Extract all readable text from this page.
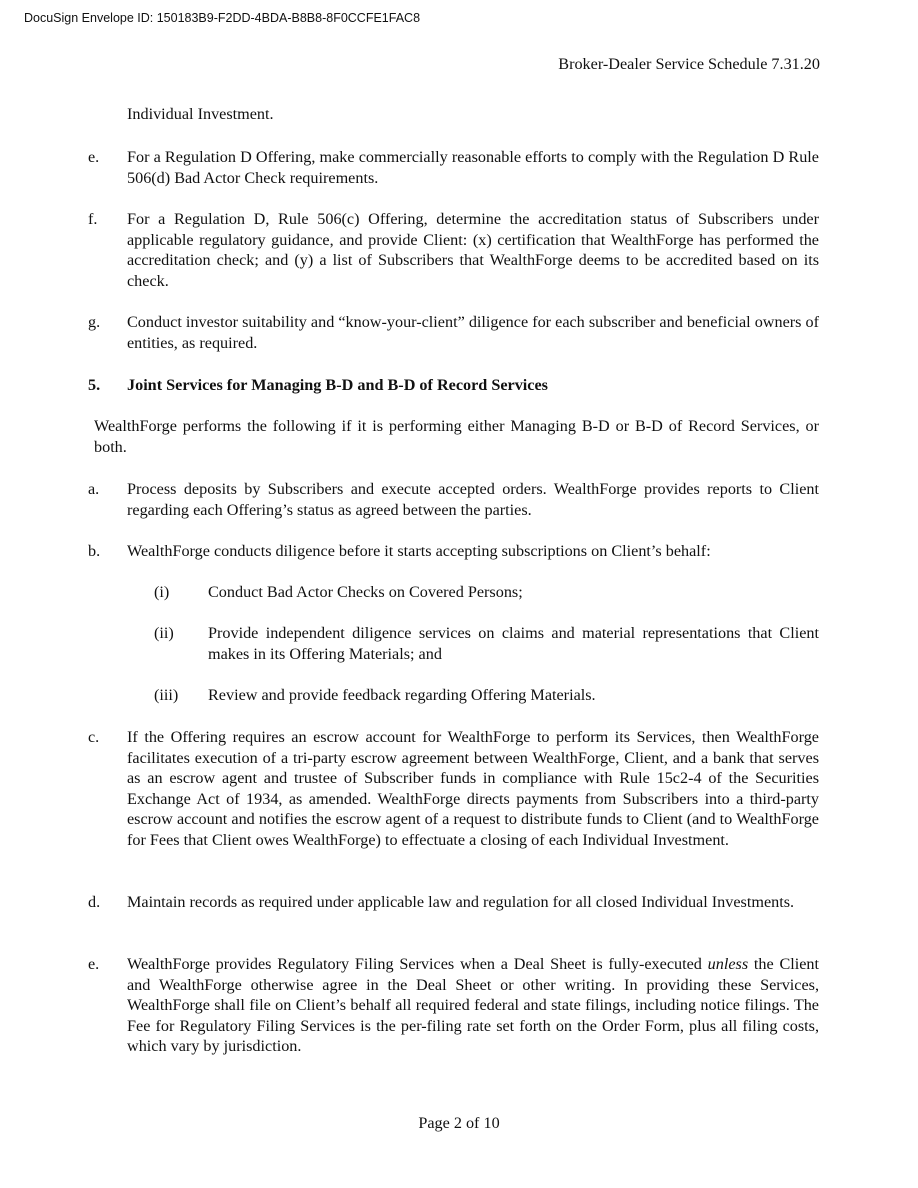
DocuSign Envelope ID: 150183B9-F2DD-4BDA-B8B8-8F0CCFE1FAC8
Broker-Dealer Service Schedule 7.31.20
Individual Investment.
e. For a Regulation D Offering, make commercially reasonable efforts to comply with the Regulation D Rule 506(d) Bad Actor Check requirements.
f. For a Regulation D, Rule 506(c) Offering, determine the accreditation status of Subscribers under applicable regulatory guidance, and provide Client: (x) certification that WealthForge has performed the accreditation check; and (y) a list of Subscribers that WealthForge deems to be accredited based on its check.
g. Conduct investor suitability and “know-your-client” diligence for each subscriber and beneficial owners of entities, as required.
5. Joint Services for Managing B-D and B-D of Record Services
WealthForge performs the following if it is performing either Managing B-D or B-D of Record Services, or both.
a. Process deposits by Subscribers and execute accepted orders. WealthForge provides reports to Client regarding each Offering’s status as agreed between the parties.
b. WealthForge conducts diligence before it starts accepting subscriptions on Client’s behalf:
(i) Conduct Bad Actor Checks on Covered Persons;
(ii) Provide independent diligence services on claims and material representations that Client makes in its Offering Materials; and
(iii) Review and provide feedback regarding Offering Materials.
c. If the Offering requires an escrow account for WealthForge to perform its Services, then WealthForge facilitates execution of a tri-party escrow agreement between WealthForge, Client, and a bank that serves as an escrow agent and trustee of Subscriber funds in compliance with Rule 15c2-4 of the Securities Exchange Act of 1934, as amended. WealthForge directs payments from Subscribers into a third-party escrow account and notifies the escrow agent of a request to distribute funds to Client (and to WealthForge for Fees that Client owes WealthForge) to effectuate a closing of each Individual Investment.
d. Maintain records as required under applicable law and regulation for all closed Individual Investments.
e. WealthForge provides Regulatory Filing Services when a Deal Sheet is fully-executed unless the Client and WealthForge otherwise agree in the Deal Sheet or other writing. In providing these Services, WealthForge shall file on Client’s behalf all required federal and state filings, including notice filings. The Fee for Regulatory Filing Services is the per-filing rate set forth on the Order Form, plus all filing costs, which vary by jurisdiction.
Page 2 of 10
